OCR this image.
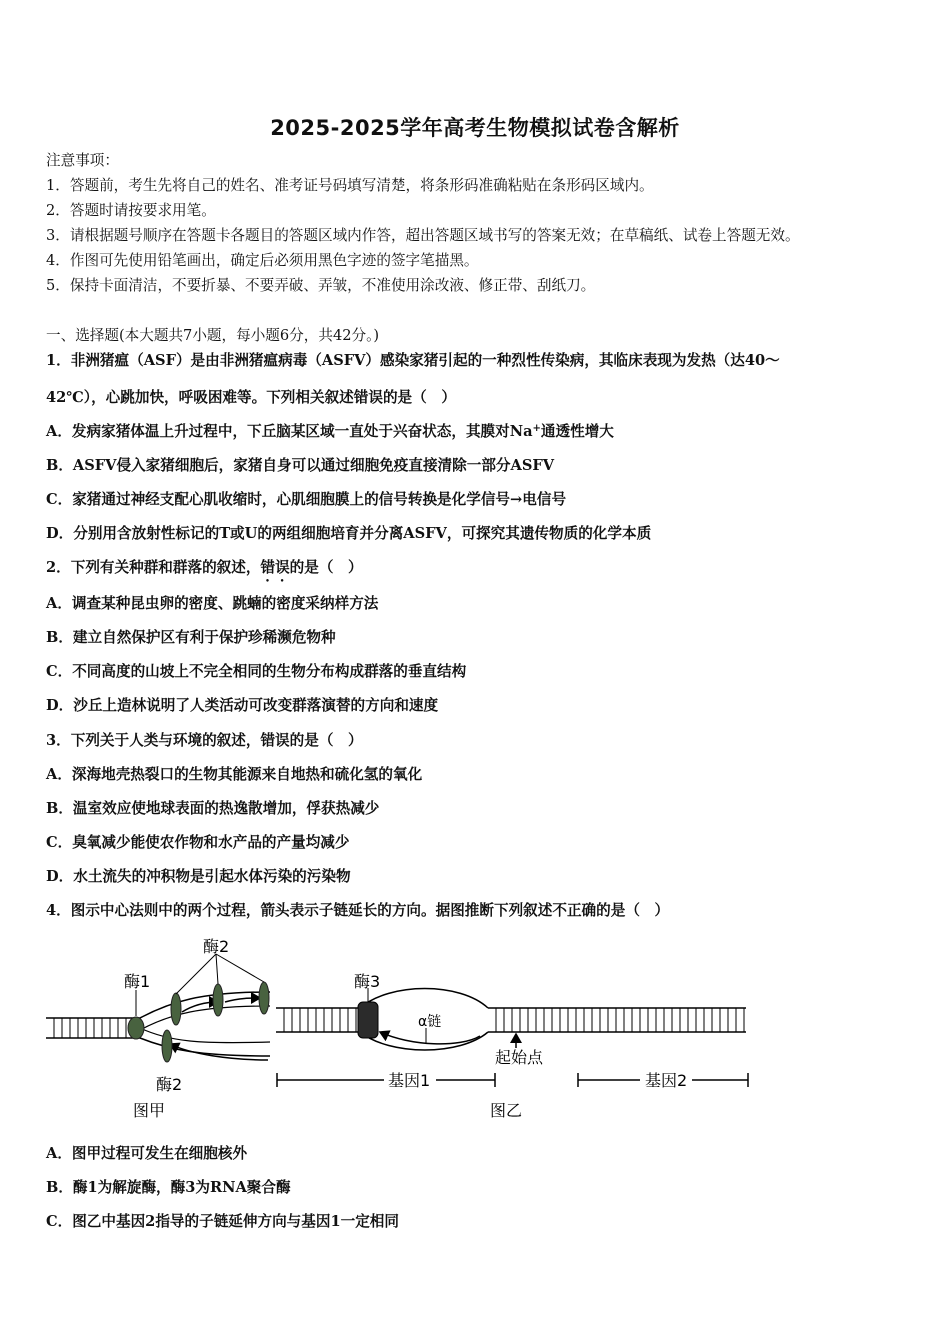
2025-2025学年高考生物模拟试卷含解析
注意事项：
1．答题前，考生先将自己的姓名、准考证号码填写清楚，将条形码准确粘贴在条形码区域内。
2．答题时请按要求用笔。
3．请根据题号顺序在答题卡各题目的答题区域内作答，超出答题区域书写的答案无效；在草稿纸、试卷上答题无效。
4．作图可先使用铅笔画出，确定后必须用黑色字迹的签字笔描黑。
5．保持卡面清洁，不要折暴、不要弄破、弄皱，不准使用涂改液、修正带、刮纸刀。
一、选择题(本大题共7小题，每小题6分，共42分。)
1．非洲猪瘟（ASF）是由非洲猪瘟病毒（ASFV）感染家猪引起的一种烈性传染病，其临床表现为发热（达40～
42℃），心跳加快，呼吸困难等。下列相关叙述错误的是（　）
A．发病家猪体温上升过程中，下丘脑某区域一直处于兴奋状态，其膜对Na+通透性增大
B．ASFV侵入家猪细胞后，家猪自身可以通过细胞免疫直接清除一部分ASFV
C．家猪通过神经支配心肌收缩时，心肌细胞膜上的信号转换是化学信号→电信号
D．分别用含放射性标记的T或U的两组细胞培育并分离ASFV，可探究其遗传物质的化学本质
2．下列有关种群和群落的叙述，错误的是（　）
A．调查某种昆虫卵的密度、跳蝻的密度采纳样方法
B．建立自然保护区有利于保护珍稀濒危物种
C．不同高度的山坡上不完全相同的生物分布构成群落的垂直结构
D．沙丘上造林说明了人类活动可改变群落演替的方向和速度
3．下列关于人类与环境的叙述，错误的是（　）
A．深海地壳热裂口的生物其能源来自地热和硫化氢的氧化
B．温室效应使地球表面的热逸散增加，俘获热减少
C．臭氧减少能使农作物和水产品的产量均减少
D．水土流失的冲积物是引起水体污染的污染物
4．图示中心法则中的两个过程，箭头表示子链延长的方向。据图推断下列叙述不正确的是（　）
酶1
酶2
酶2
图甲
酶3
α链
起始点
基因1	基因2
图乙
A．图甲过程可发生在细胞核外
B．酶1为解旋酶，酶3为RNA聚合酶
C．图乙中基因2指导的子链延伸方向与基因1一定相同
